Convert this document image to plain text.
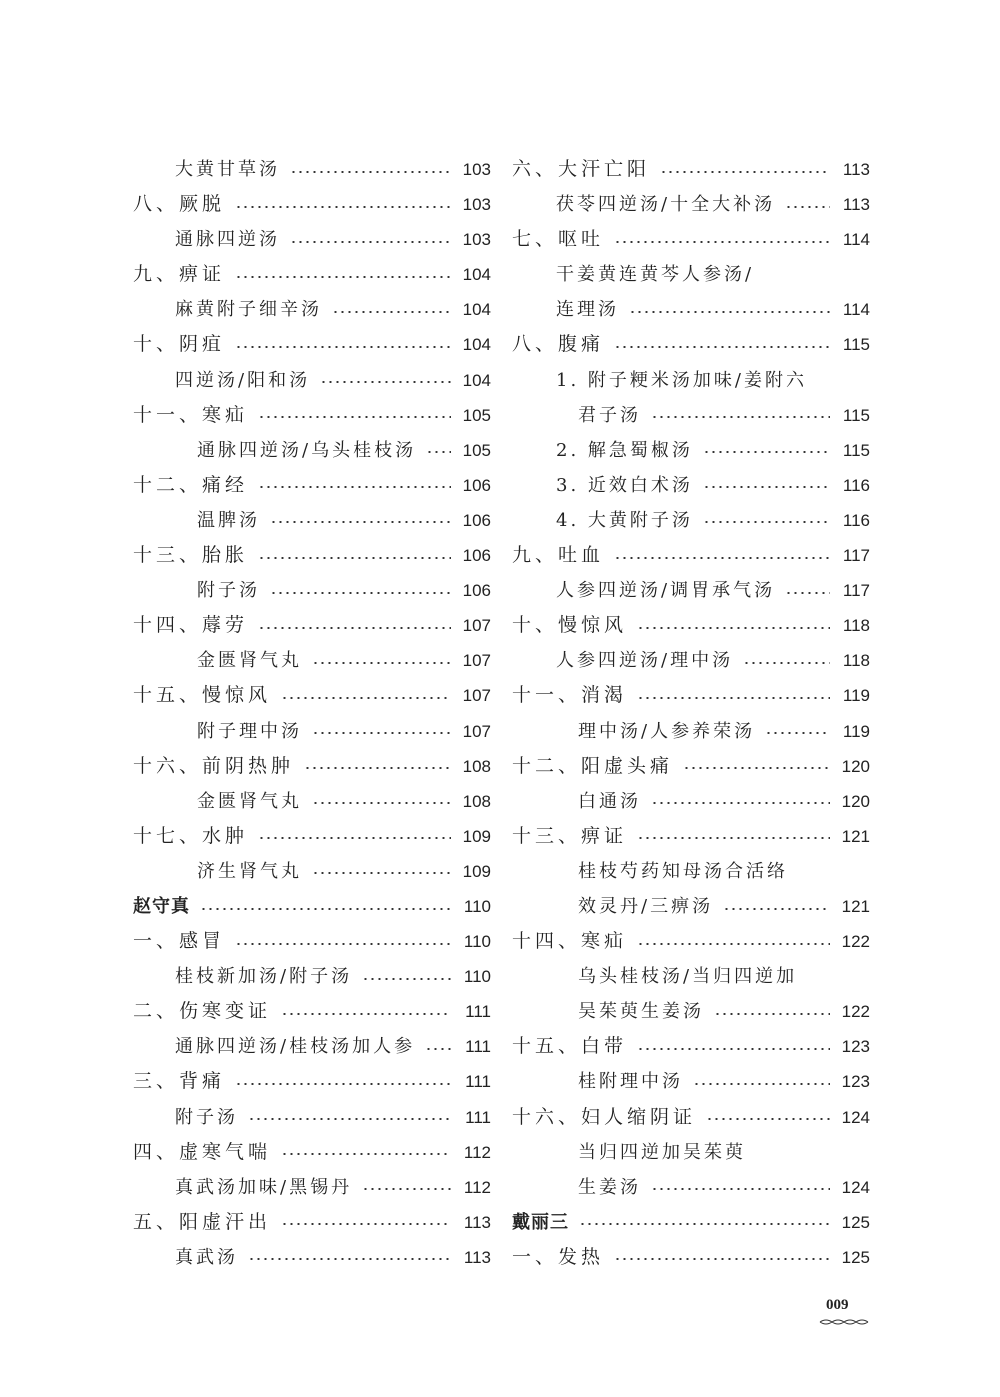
大黄甘草汤	103
八、厥脱	103
通脉四逆汤	103
九、痹证	104
麻黄附子细辛汤	104
十、阴疽	104
四逆汤/阳和汤	104
十一、寒疝	105
通脉四逆汤/乌头桂枝汤	105
十二、痛经	106
温脾汤	106
十三、胎胀	106
附子汤	106
十四、蓐劳	107
金匮肾气丸	107
十五、慢惊风	107
附子理中汤	107
十六、前阴热肿	108
金匮肾气丸	108
十七、水肿	109
济生肾气丸	109
赵守真	110
一、感冒	110
桂枝新加汤/附子汤	110
二、伤寒变证	111
通脉四逆汤/桂枝汤加人参	111
三、背痛	111
附子汤	111
四、虚寒气喘	112
真武汤加味/黑锡丹	112
五、阳虚汗出	113
真武汤	113
六、大汗亡阳	113
茯苓四逆汤/十全大补汤	113
七、呕吐	114
干姜黄连黄芩人参汤/
连理汤	114
八、腹痛	115
1. 附子粳米汤加味/姜附六
君子汤	115
2. 解急蜀椒汤	115
3. 近效白术汤	116
4. 大黄附子汤	116
九、吐血	117
人参四逆汤/调胃承气汤	117
十、慢惊风	118
人参四逆汤/理中汤	118
十一、消渴	119
理中汤/人参养荣汤	119
十二、阳虚头痛	120
白通汤	120
十三、痹证	121
桂枝芍药知母汤合活络
效灵丹/三痹汤	121
十四、寒疝	122
乌头桂枝汤/当归四逆加
吴茱萸生姜汤	122
十五、白带	123
桂附理中汤	123
十六、妇人缩阴证	124
当归四逆加吴茱萸
生姜汤	124
戴丽三	125
一、发热	125
009
